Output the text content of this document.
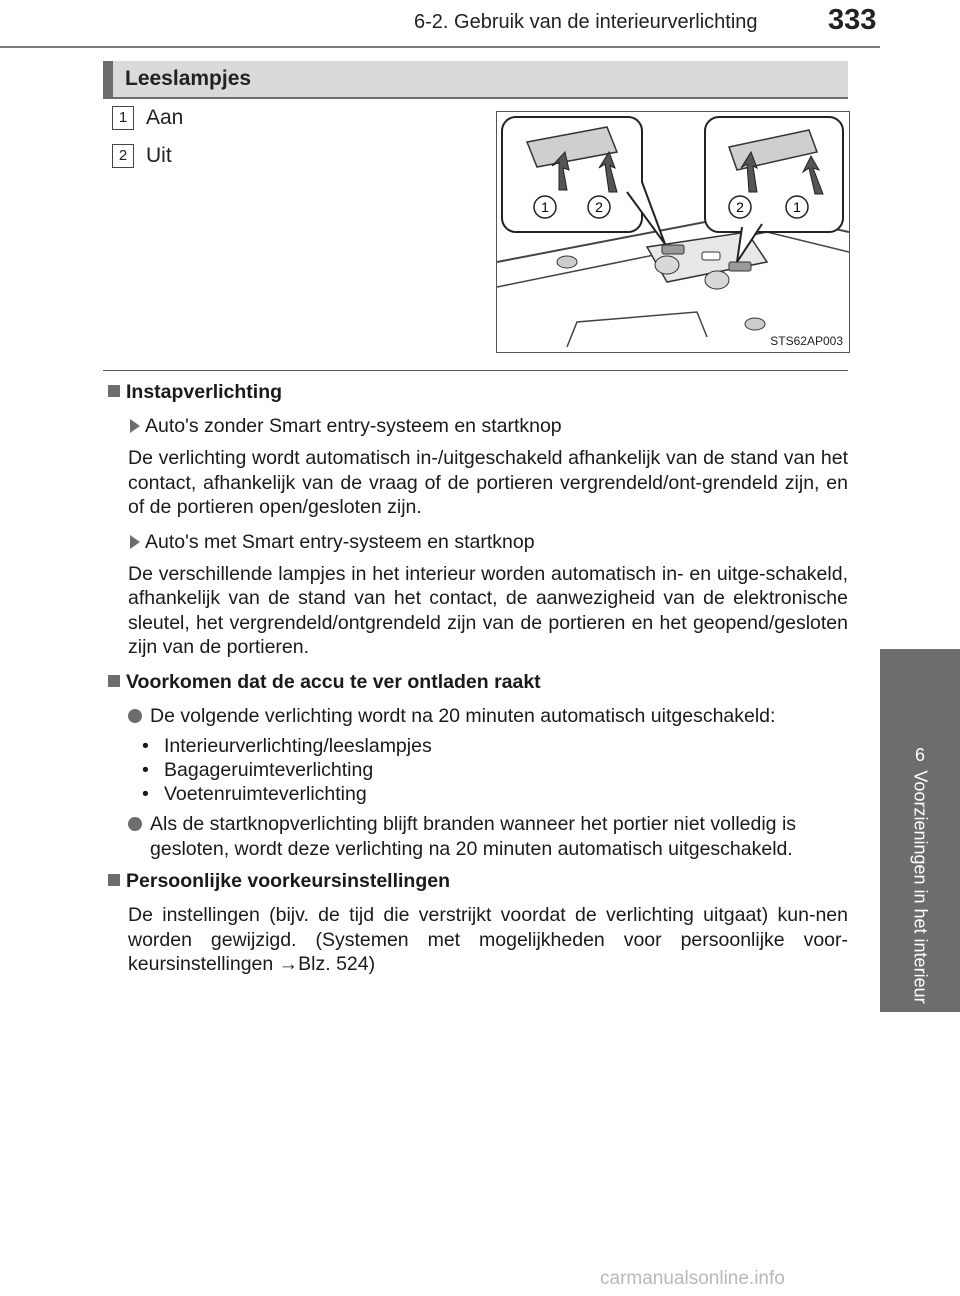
6-2. Gebruik van de interieurverlichting 333
6
Voorzieningen in het interieur
Leeslampjes
1 Aan
2 Uit
1	2	2	1
STS62AP003
Instapverlichting
Auto's zonder Smart entry-systeem en startknop

De verlichting wordt automatisch in-/uitgeschakeld afhankelijk van de stand van het contact, afhankelijk van de vraag of de portieren vergrendeld/ont-grendeld zijn, en of de portieren open/gesloten zijn.

Auto's met Smart entry-systeem en startknop

De verschillende lampjes in het interieur worden automatisch in- en uitge-schakeld, afhankelijk van de stand van het contact, de aanwezigheid van de elektronische sleutel, het vergrendeld/ontgrendeld zijn van de portieren en het geopend/gesloten zijn van de portieren.

Voorkomen dat de accu te ver ontladen raakt
De volgende verlichting wordt na 20 minuten automatisch uitgeschakeld:
• Interieurverlichting/leeslampjes
• Bagageruimteverlichting
• Voetenruimteverlichting
Als de startknopverlichting blijft branden wanneer het portier niet volledig is gesloten, wordt deze verlichting na 20 minuten automatisch uitgeschakeld.
Persoonlijke voorkeursinstellingen

De instellingen (bijv. de tijd die verstrijkt voordat de verlichting uitgaat) kun-nen worden gewijzigd. (Systemen met mogelijkheden voor persoonlijke voor-keursinstellingen →Blz. 524)

carmanualsonline.info
